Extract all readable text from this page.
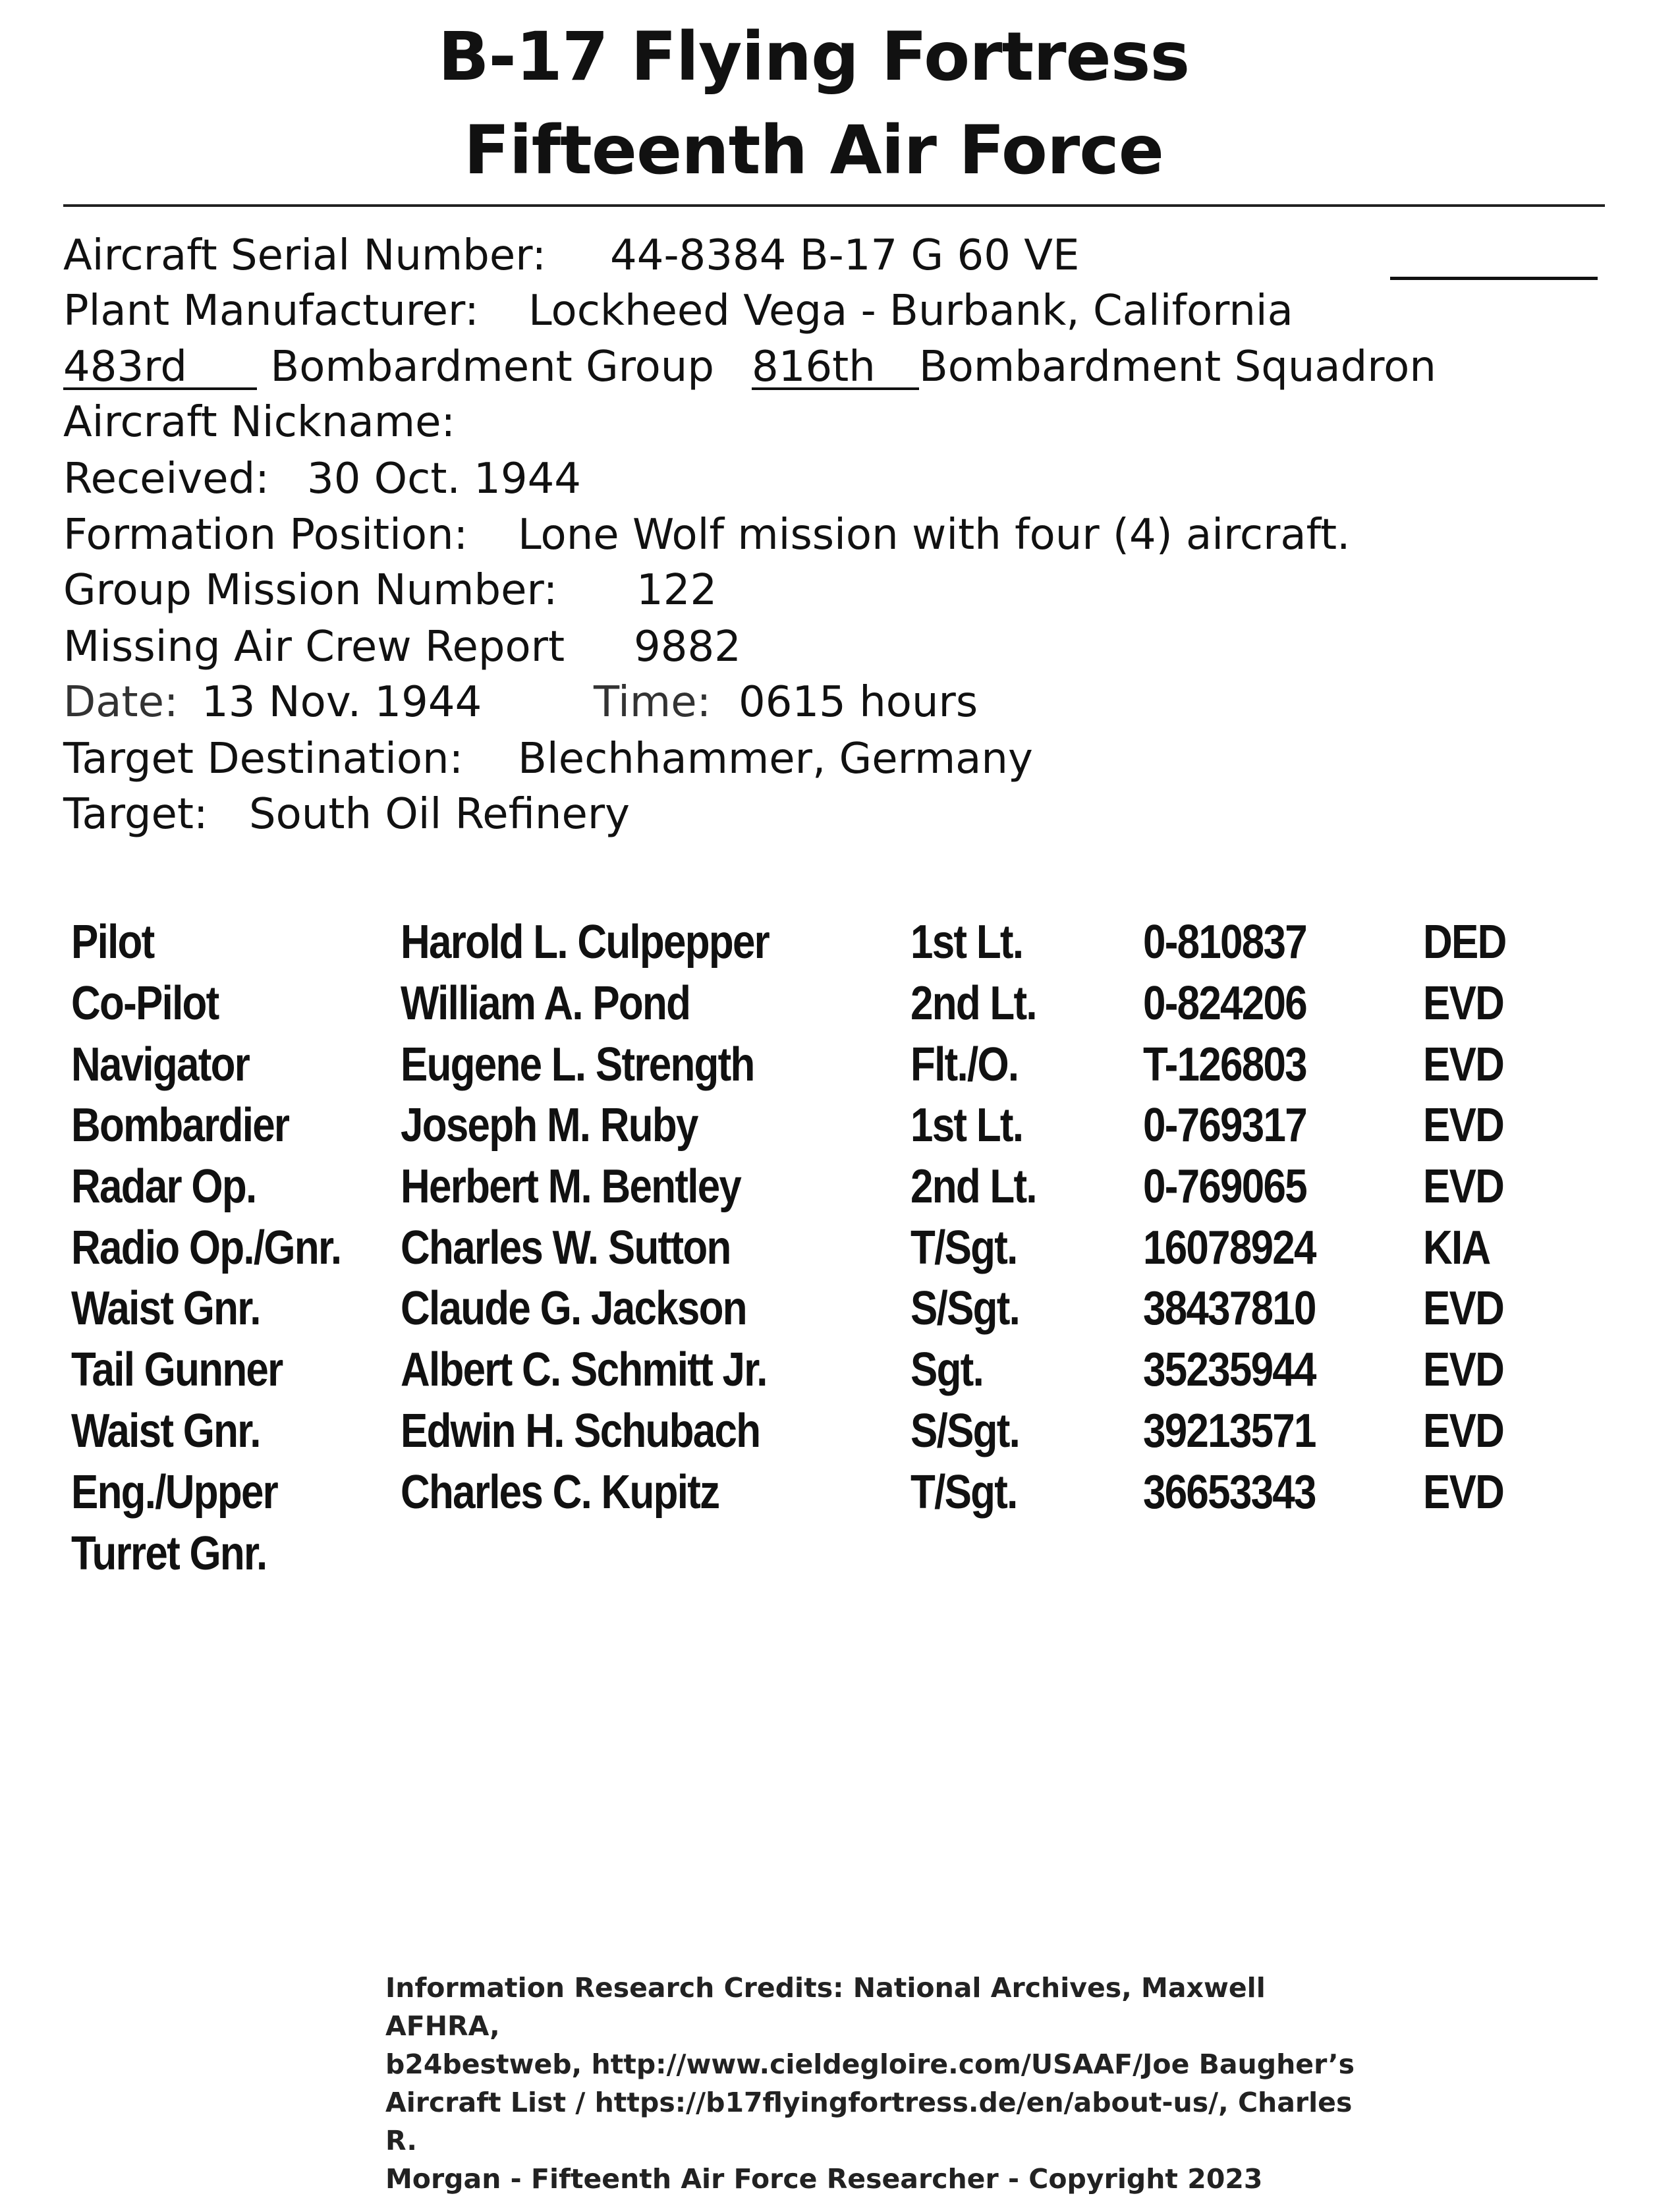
B-17 Flying Fortress
Fifteenth Air Force
Aircraft Serial Number: 44-8384 B-17 G 60 VE
Plant Manufacturer: Lockheed Vega - Burbank, California
483rd Bombardment Group 816th Bombardment Squadron
Aircraft Nickname:
Received: 30 Oct. 1944
Formation Position: Lone Wolf mission with four (4) aircraft.
Group Mission Number: 122
Missing Air Crew Report 9882
Date: 13 Nov. 1944	Time: 0615 hours
Target Destination: Blechhammer, Germany
Target: South Oil Refinery
Pilot	Harold L. Culpepper	1st Lt.	0-810837 DED
Co-Pilot	William A. Pond	2nd Lt. 0-824206 EVD
Navigator	Eugene L. Strength	Flt./O.	T-126803 EVD
Bombardier Joseph M. Ruby	1st Lt.	0-769317 EVD
Radar Op.	Herbert M. Bentley	2nd Lt. 0-769065 EVD
Radio Op./Gnr. Charles W. Sutton	T/Sgt.	16078924 KIA
Waist Gnr.	Claude G. Jackson	S/Sgt.	38437810 EVD
Tail Gunner Albert C. Schmitt Jr.	Sgt.	35235944 EVD
Waist Gnr.	Edwin H. Schubach	S/Sgt.	39213571 EVD
Eng./Upper	Charles C. Kupitz	T/Sgt.	36653343 EVD
Turret Gnr.
Information Research Credits: National Archives, Maxwell AFHRA,
b24bestweb, http://www.cieldegloire.com/USAAF/Joe Baugher’s
Aircraft List / https://b17flyingfortress.de/en/about-us/, Charles R.
Morgan - Fifteenth Air Force Researcher - Copyright 2023
